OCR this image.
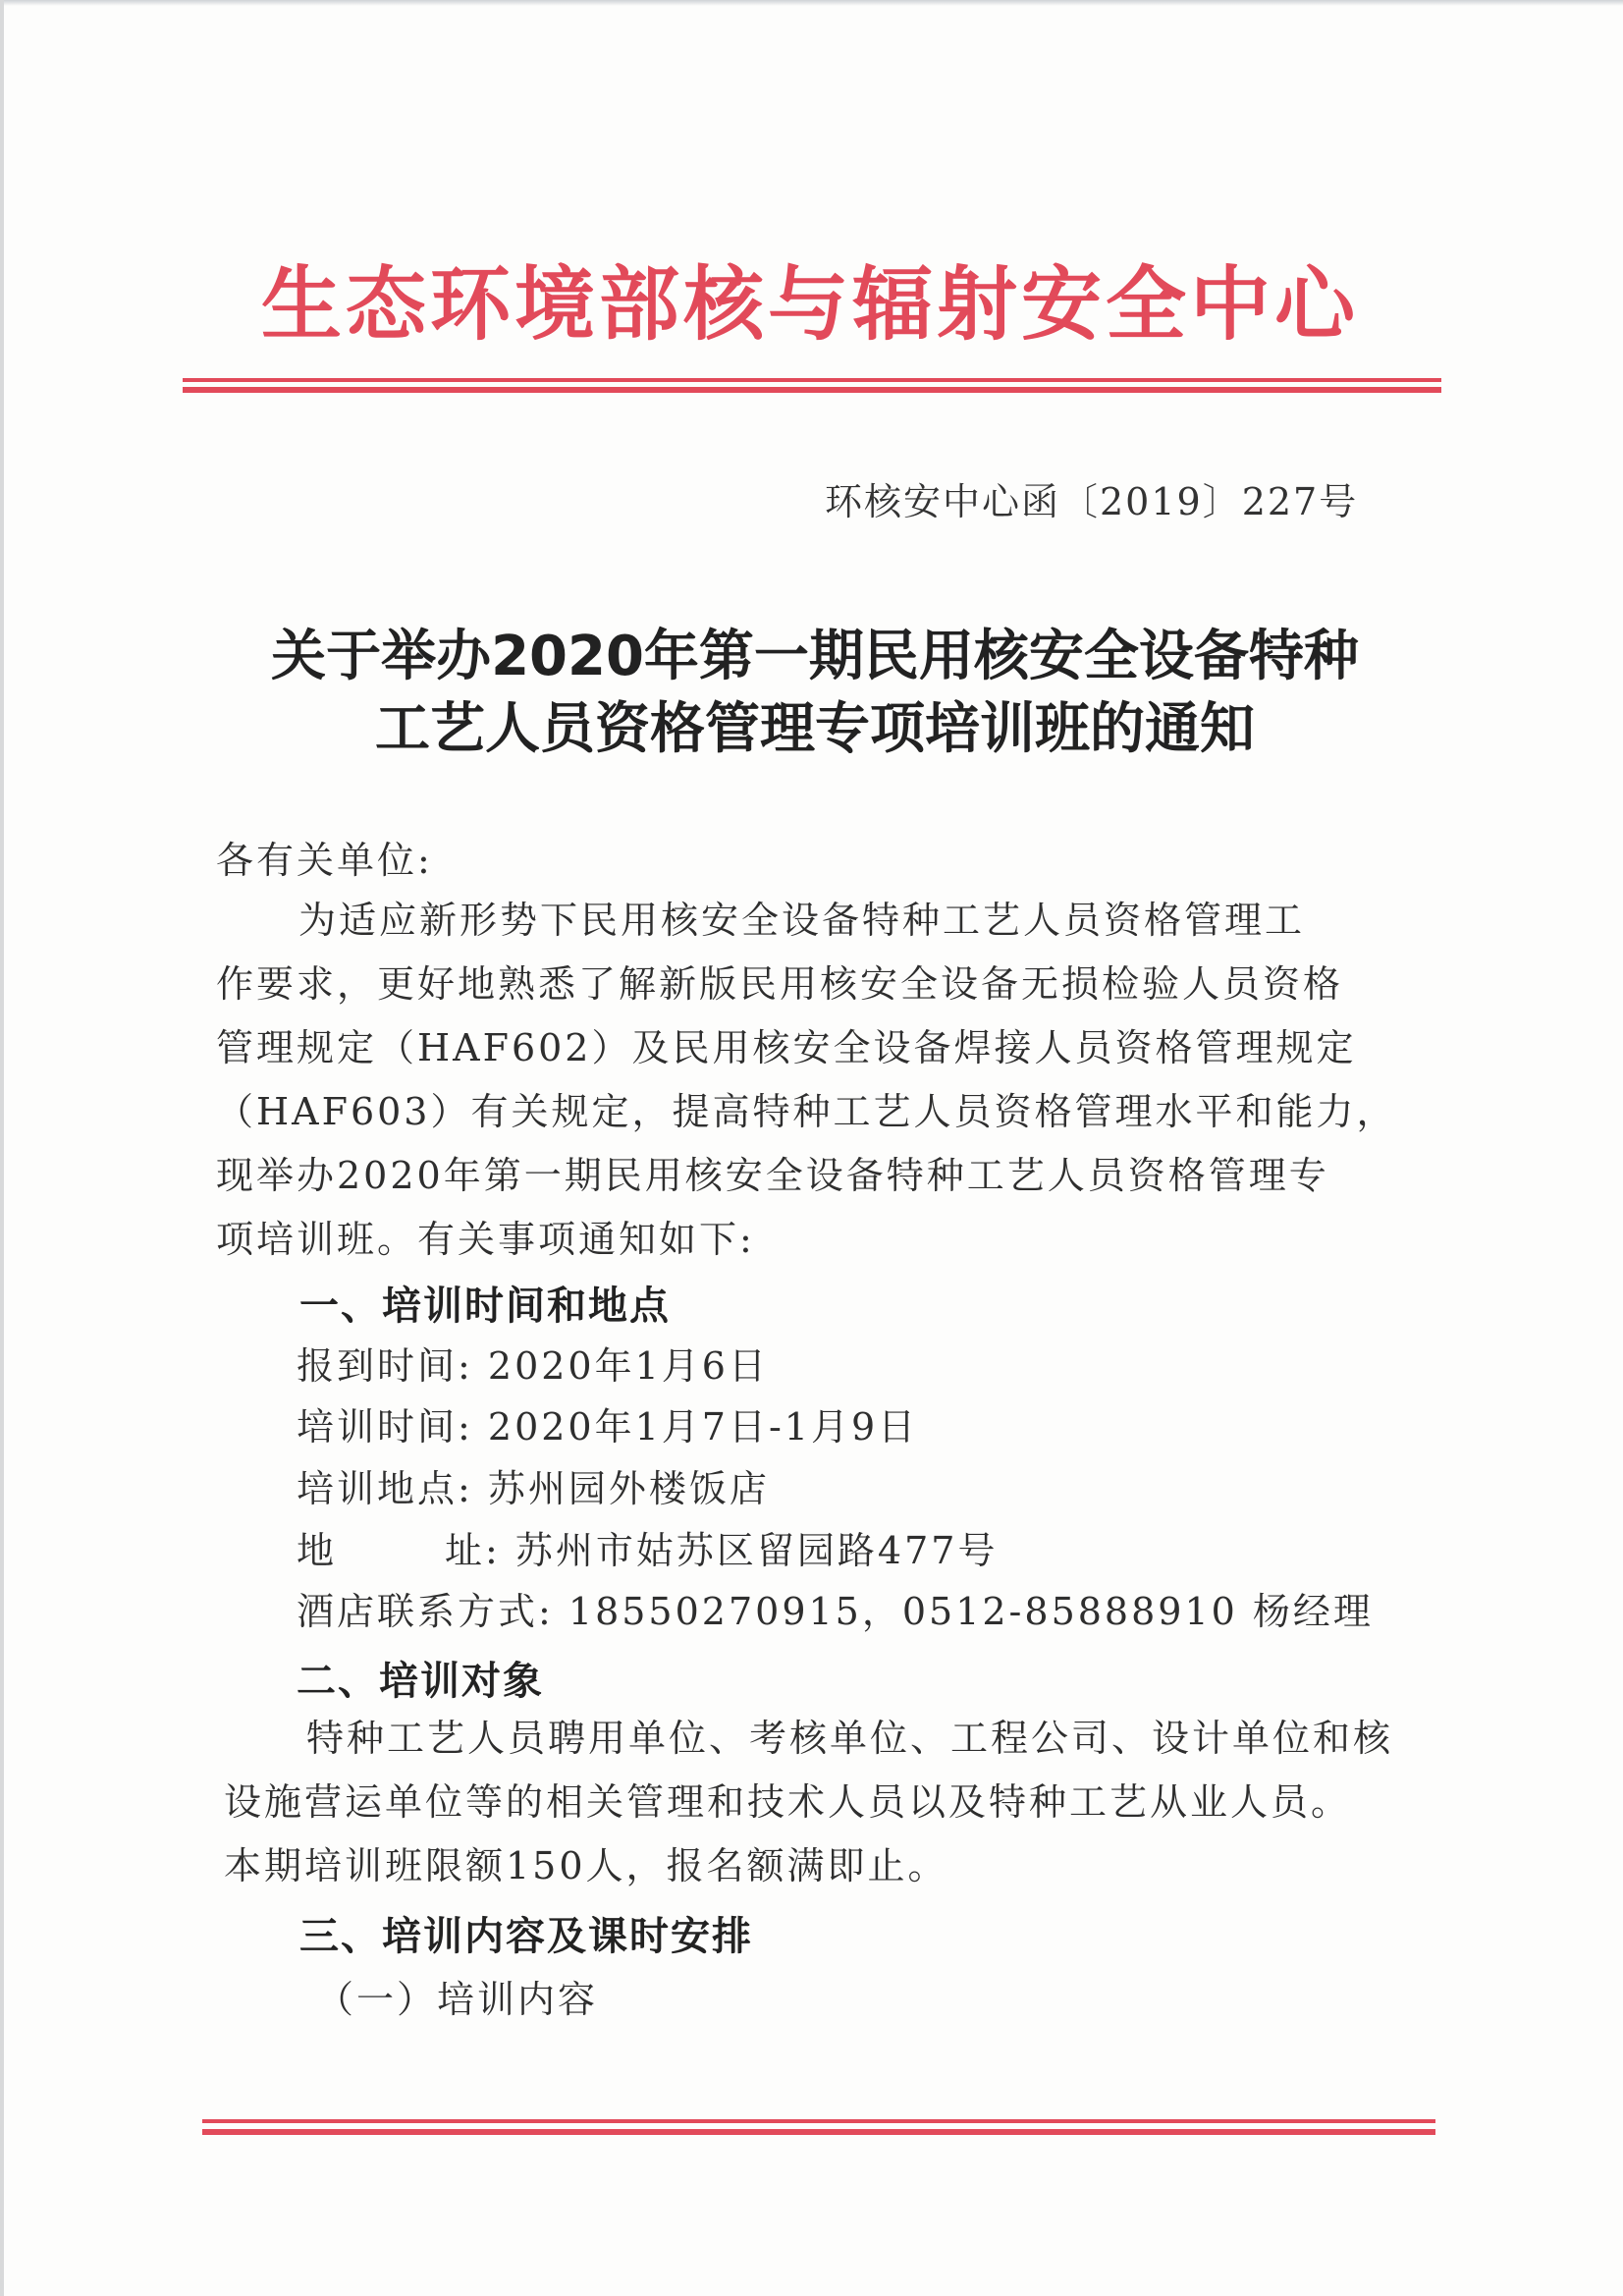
生态环境部核与辐射安全中心
环核安中心函〔2019〕227号
关于举办2020年第一期民用核安全设备特种
工艺人员资格管理专项培训班的通知
各有关单位:

为适应新形势下民用核安全设备特种工艺人员资格管理工

作要求，更好地熟悉了解新版民用核安全设备无损检验人员资格

管理规定（HAF602）及民用核安全设备焊接人员资格管理规定

（HAF603）有关规定，提高特种工艺人员资格管理水平和能力，

现举办2020年第一期民用核安全设备特种工艺人员资格管理专

项培训班。有关事项通知如下:

一、培训时间和地点
报到时间: 2020年1月6日
培训时间: 2020年1月7日-1月9日
培训地点: 苏州园外楼饭店
地	址: 苏州市姑苏区留园路477号
酒店联系方式: 18550270915，0512-85888910 杨经理
二、培训对象

特种工艺人员聘用单位、考核单位、工程公司、设计单位和核

设施营运单位等的相关管理和技术人员以及特种工艺从业人员。

本期培训班限额150人，报名额满即止。

三、培训内容及课时安排
（一）培训内容
